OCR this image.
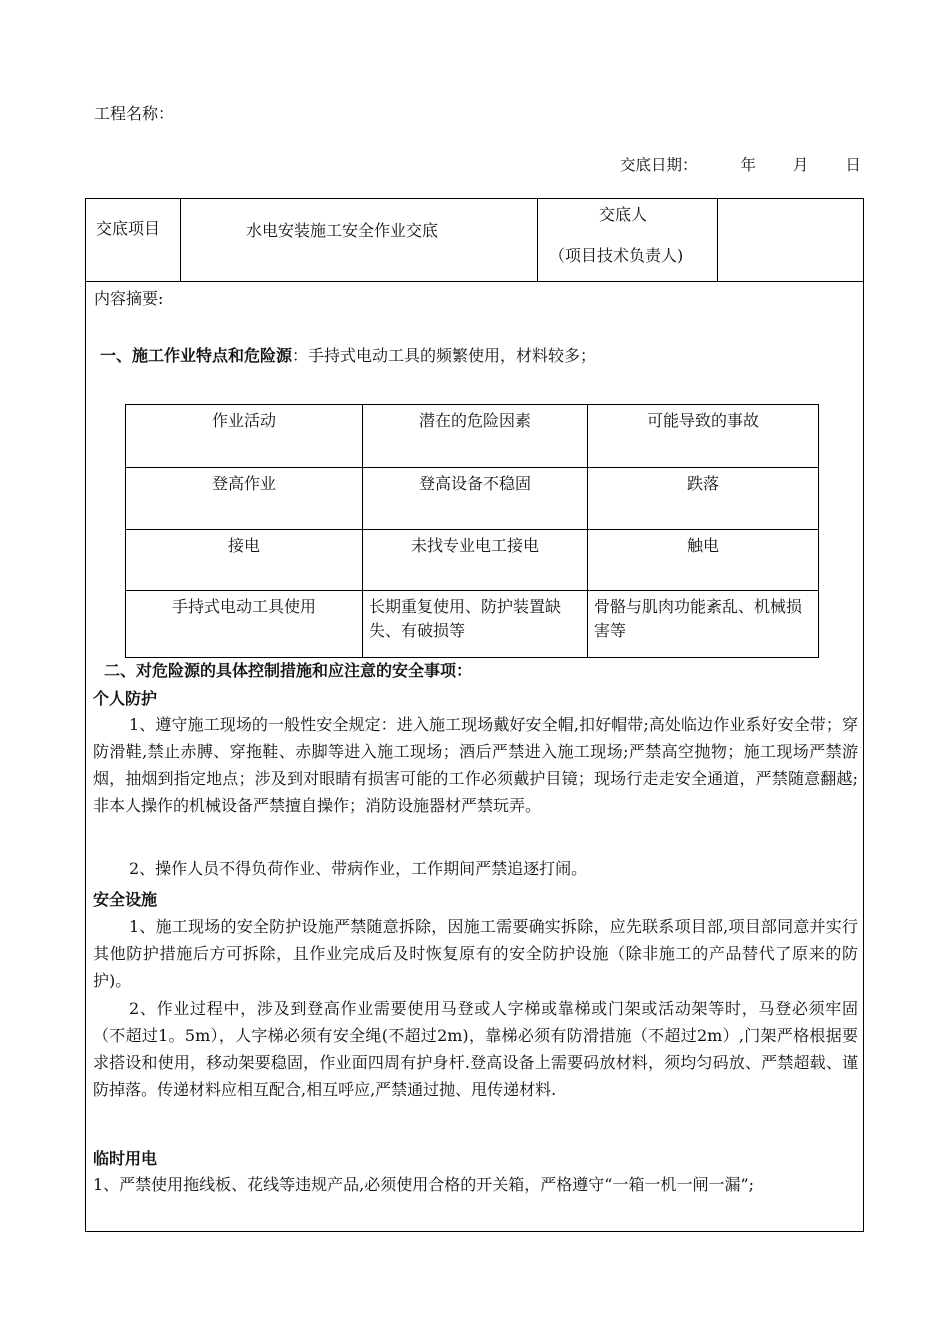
工程名称：
交底日期：	年 月 日
交底项目	水电安装施工安全作业交底
交底人
（项目技术负责人)
内容摘要:
一、施工作业特点和危险源：手持式电动工具的频繁使用，材料较多；
作业活动	潜在的危险因素	可能导致的事故
登高作业	登高设备不稳固	跌落
接电	未找专业电工接电	触电
手持式电动工具使用	长期重复使用、防护装置缺失、有破损等	骨骼与肌肉功能紊乱、机械损害等
二、对危险源的具体控制措施和应注意的安全事项：
个人防护
1、遵守施工现场的一般性安全规定：进入施工现场戴好安全帽,扣好帽带;高处临边作业系好安全带；穿防滑鞋,禁止赤膊、穿拖鞋、赤脚等进入施工现场；酒后严禁进入施工现场;严禁高空抛物；施工现场严禁游烟，抽烟到指定地点；涉及到对眼睛有损害可能的工作必须戴护目镜；现场行走走安全通道，严禁随意翻越;非本人操作的机械设备严禁擅自操作；消防设施器材严禁玩弄。
2、操作人员不得负荷作业、带病作业，工作期间严禁追逐打闹。
安全设施
1、施工现场的安全防护设施严禁随意拆除，因施工需要确实拆除，应先联系项目部,项目部同意并实行其他防护措施后方可拆除，且作业完成后及时恢复原有的安全防护设施（除非施工的产品替代了原来的防护)。
2、作业过程中，涉及到登高作业需要使用马登或人字梯或靠梯或门架或活动架等时，马登必须牢固（不超过1。5m），人字梯必须有安全绳(不超过2m)，靠梯必须有防滑措施（不超过2m）,门架严格根据要求搭设和使用，移动架要稳固，作业面四周有护身杆.登高设备上需要码放材料，须均匀码放、严禁超载、谨防掉落。传递材料应相互配合,相互呼应,严禁通过抛、甩传递材料.
临时用电
1、严禁使用拖线板、花线等违规产品,必须使用合格的开关箱，严格遵守“一箱一机一闸一漏”;
